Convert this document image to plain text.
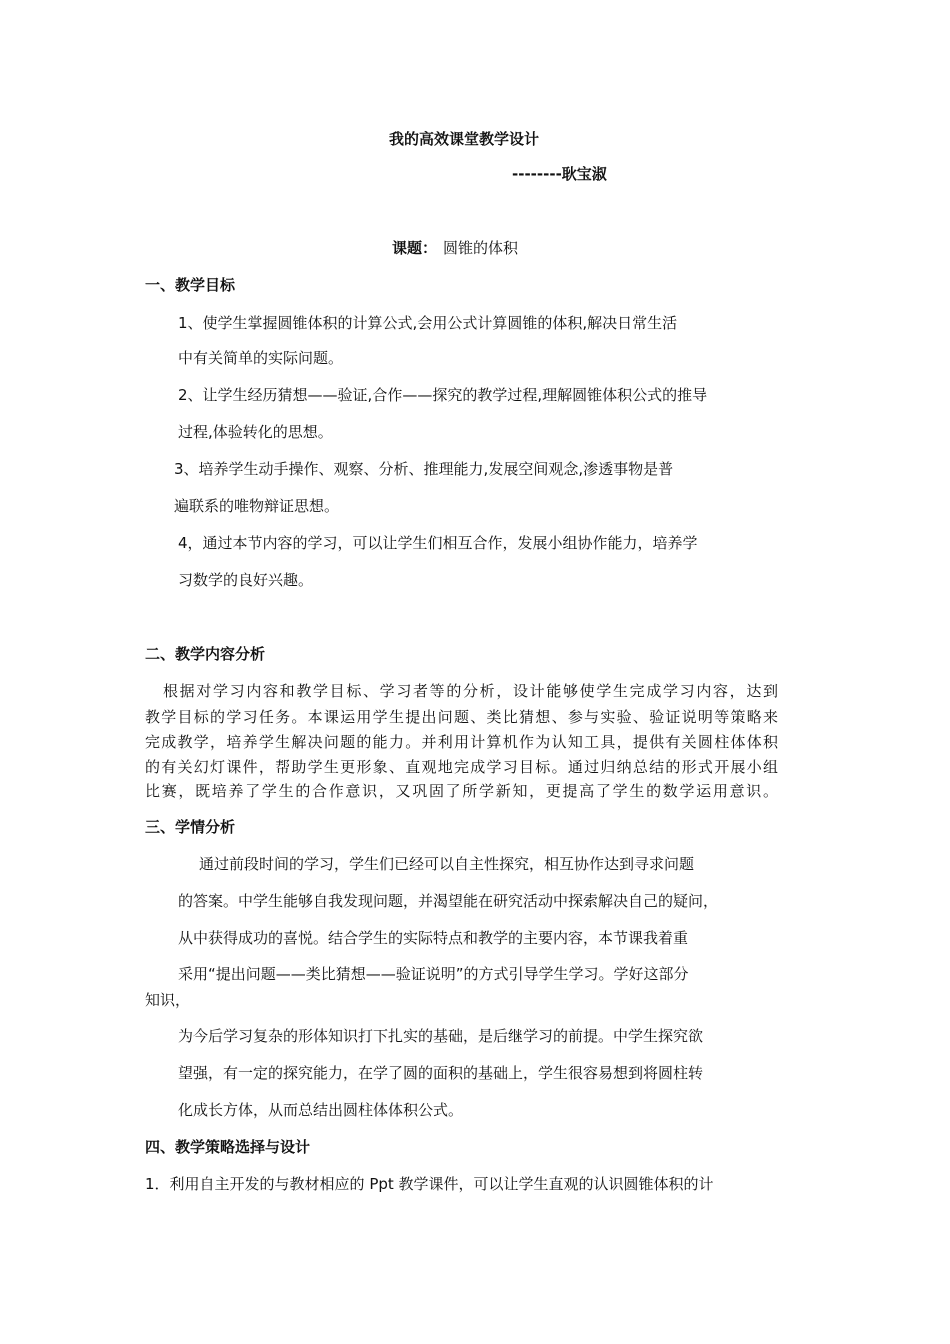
我的高效课堂教学设计
--------耿宝淑
课题： 圆锥的体积
一、教学目标
1、使学生掌握圆锥体积的计算公式,会用公式计算圆锥的体积,解决日常生活
中有关简单的实际问题。
2、让学生经历猜想——验证,合作——探究的教学过程,理解圆锥体积公式的推导
过程,体验转化的思想。
3、培养学生动手操作、观察、分析、推理能力,发展空间观念,渗透事物是普
遍联系的唯物辩证思想。
4，通过本节内容的学习，可以让学生们相互合作，发展小组协作能力，培养学
习数学的良好兴趣。
二、教学内容分析
根据对学习内容和教学目标、学习者等的分析，设计能够使学生完成学习内容，达到
教学目标的学习任务。本课运用学生提出问题、类比猜想、参与实验、验证说明等策略来
完成教学，培养学生解决问题的能力。并利用计算机作为认知工具，提供有关圆柱体体积
的有关幻灯课件，帮助学生更形象、直观地完成学习目标。通过归纳总结的形式开展小组
比赛，既培养了学生的合作意识，又巩固了所学新知，更提高了学生的数学运用意识。
三、学情分析
通过前段时间的学习，学生们已经可以自主性探究，相互协作达到寻求问题
的答案。中学生能够自我发现问题，并渴望能在研究活动中探索解决自己的疑问，
从中获得成功的喜悦。结合学生的实际特点和教学的主要内容，本节课我着重
采用“提出问题——类比猜想——验证说明”的方式引导学生学习。学好这部分
知识，
为今后学习复杂的形体知识打下扎实的基础，是后继学习的前提。中学生探究欲
望强，有一定的探究能力，在学了圆的面积的基础上，学生很容易想到将圆柱转
化成长方体，从而总结出圆柱体体积公式。
四、教学策略选择与设计
1．利用自主开发的与教材相应的 Ppt 教学课件，可以让学生直观的认识圆锥体积的计
